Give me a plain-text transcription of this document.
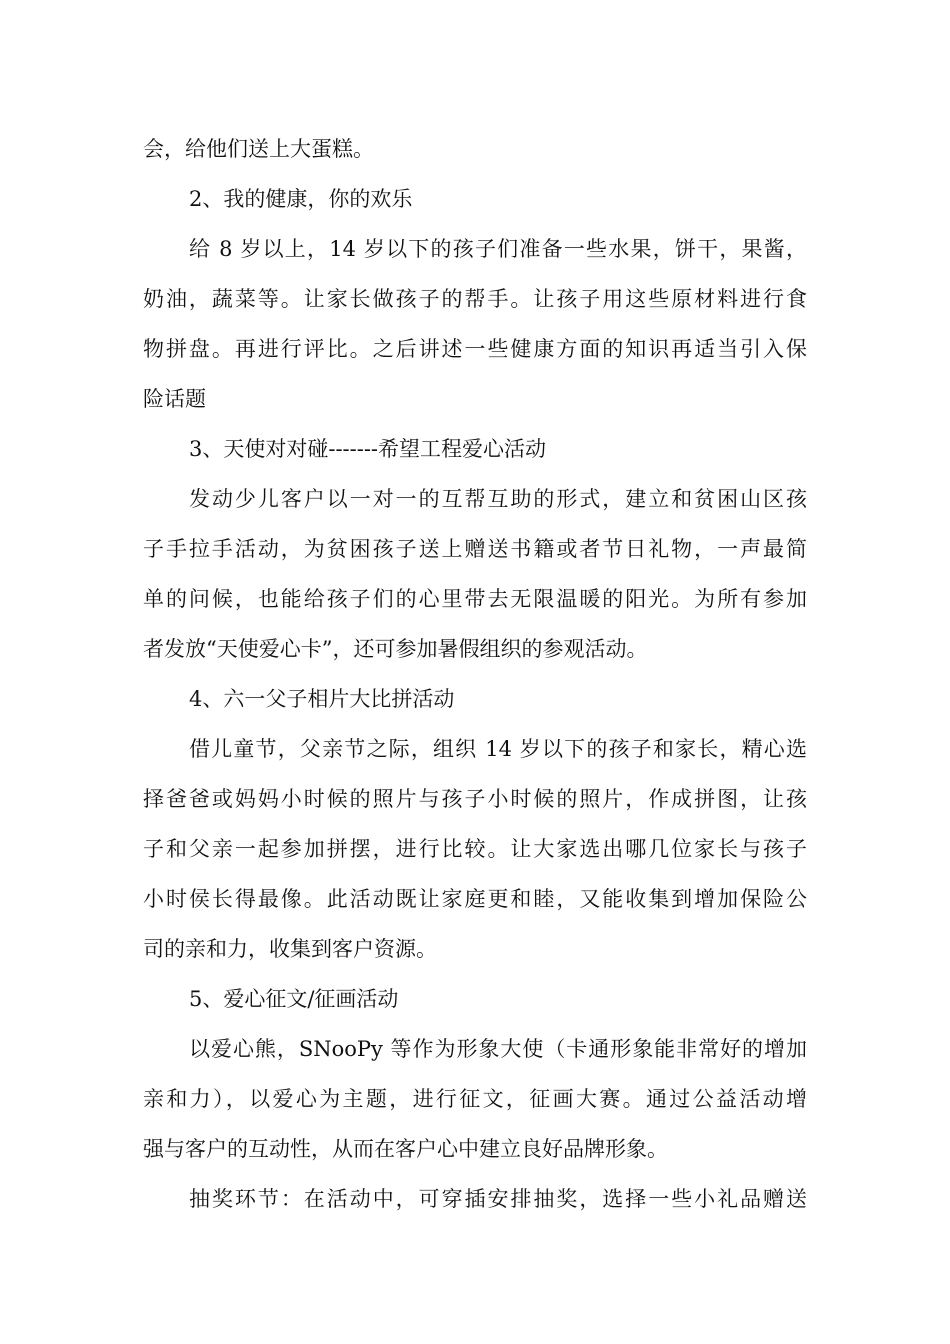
会，给他们送上大蛋糕。
2、我的健康，你的欢乐
给 8 岁以上，14 岁以下的孩子们准备一些水果，饼干，果酱，
奶油，蔬菜等。让家长做孩子的帮手。让孩子用这些原材料进行食
物拼盘。再进行评比。之后讲述一些健康方面的知识再适当引入保
险话题
3、天使对对碰-------希望工程爱心活动
发动少儿客户以一对一的互帮互助的形式，建立和贫困山区孩
子手拉手活动，为贫困孩子送上赠送书籍或者节日礼物，一声最简
单的问候，也能给孩子们的心里带去无限温暖的阳光。为所有参加
者发放“天使爱心卡”，还可参加暑假组织的参观活动。
4、六一父子相片大比拼活动
借儿童节，父亲节之际，组织 14 岁以下的孩子和家长，精心选
择爸爸或妈妈小时候的照片与孩子小时候的照片，作成拼图，让孩
子和父亲一起参加拼摆，进行比较。让大家选出哪几位家长与孩子
小时侯长得最像。此活动既让家庭更和睦，又能收集到增加保险公
司的亲和力，收集到客户资源。
5、爱心征文/征画活动
以爱心熊，SNooPy 等作为形象大使（卡通形象能非常好的增加
亲和力），以爱心为主题，进行征文，征画大赛。通过公益活动增
强与客户的互动性，从而在客户心中建立良好品牌形象。
抽奖环节：在活动中，可穿插安排抽奖，选择一些小礼品赠送
